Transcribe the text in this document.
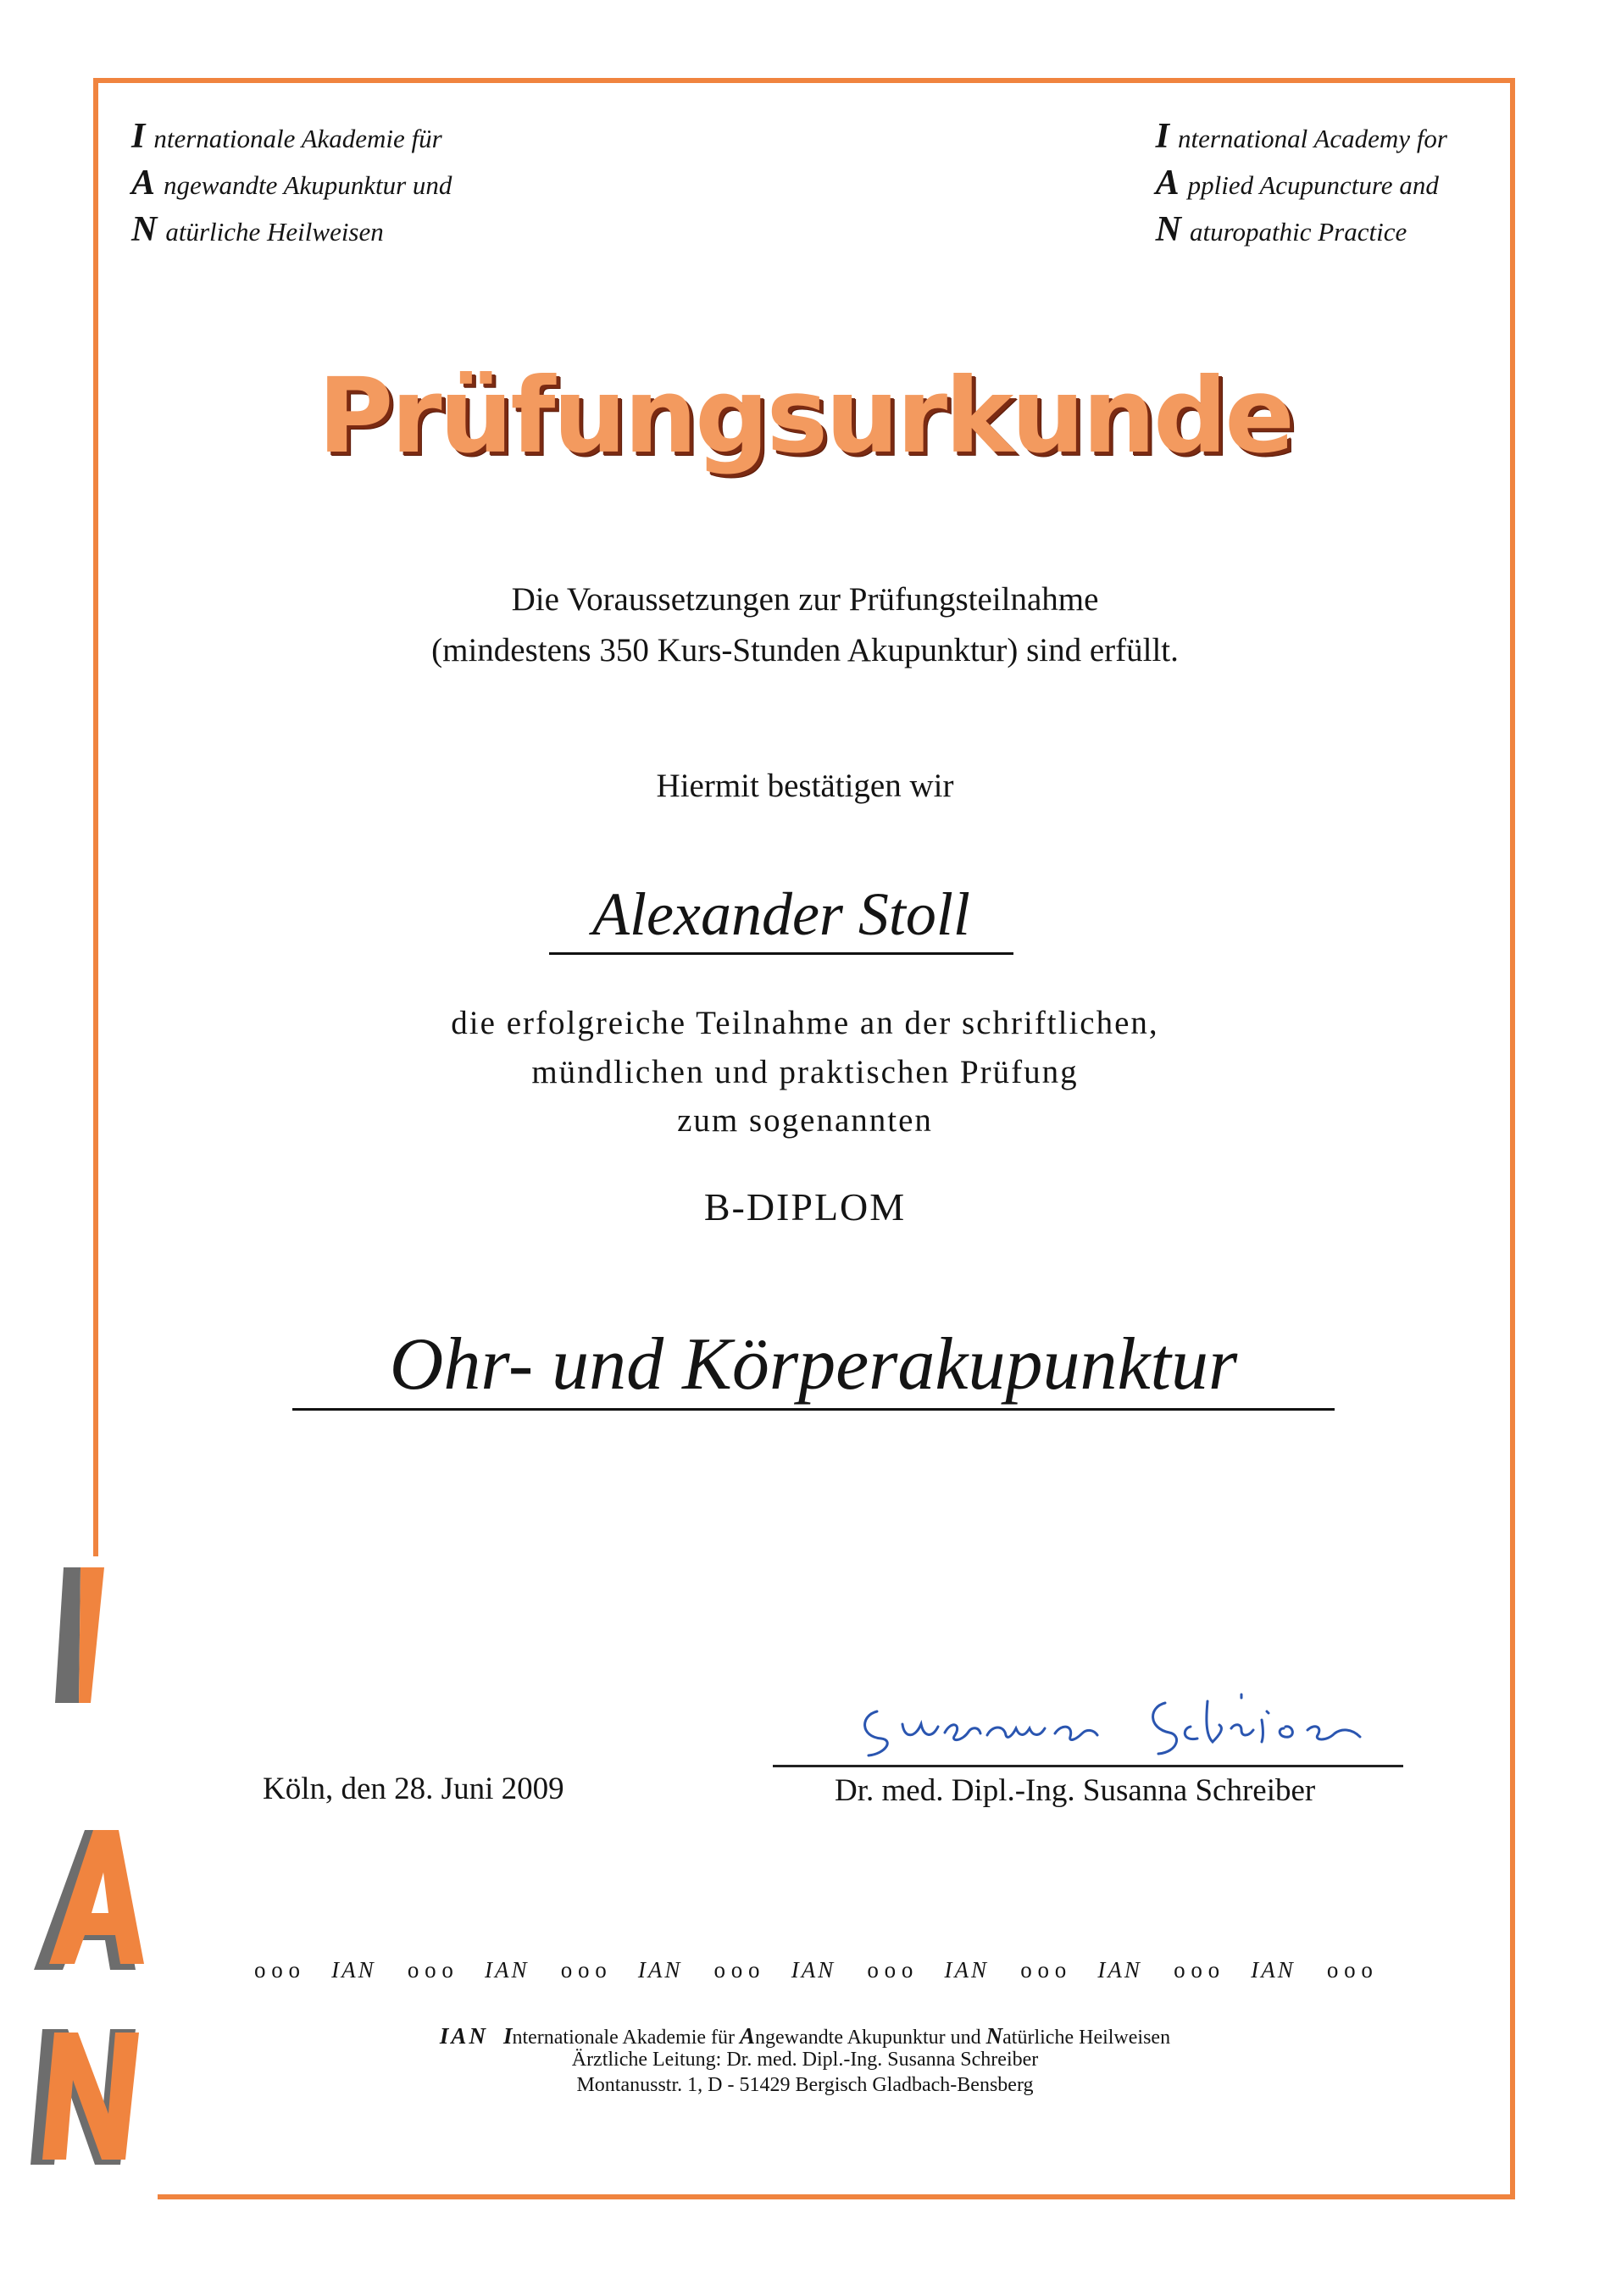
I nternationale Akademie für
A ngewandte Akupunktur und
N atürliche Heilweisen
I nternational Academy for
A pplied Acupuncture and
N aturopathic Practice
Prüfungsurkunde
Die Voraussetzungen zur Prüfungsteilnahme
(mindestens 350 Kurs-Stunden Akupunktur) sind erfüllt.
Hiermit bestätigen wir
Alexander Stoll
die erfolgreiche Teilnahme an der schriftlichen,
mündlichen und praktischen Prüfung
zum sogenannten
B-DIPLOM
Ohr- und Körperakupunktur
Köln, den 28. Juni 2009	Dr. med. Dipl.-Ing. Susanna Schreiber
o o o IAN o o o IAN o o o IAN o o o IAN o o o IAN o o o IAN o o o IAN o o o
IAN Internationale Akademie für Angewandte Akupunktur und Natürliche Heilweisen
Ärztliche Leitung: Dr. med. Dipl.-Ing. Susanna Schreiber
Montanusstr. 1, D - 51429 Bergisch Gladbach-Bensberg
